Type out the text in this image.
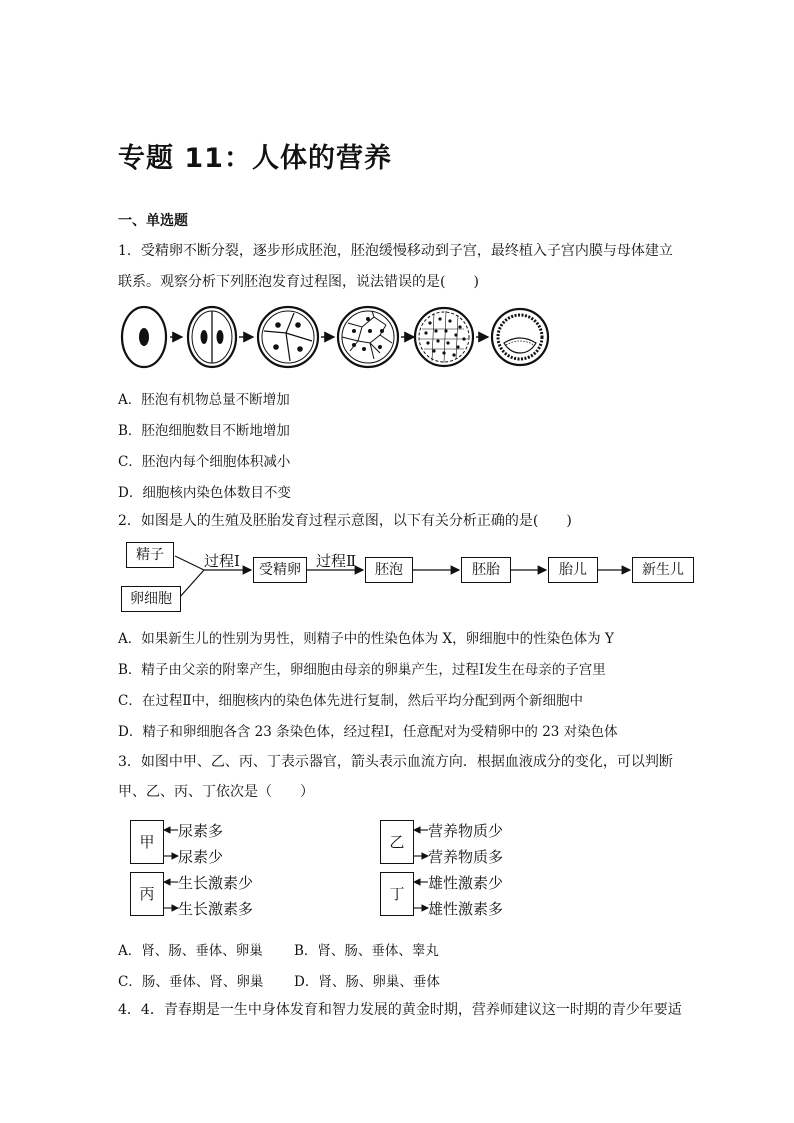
专题 11：人体的营养
一、单选题
1．受精卵不断分裂，逐步形成胚泡，胚泡缓慢移动到子宫，最终植入子宫内膜与母体建立
联系。观察分析下列胚泡发育过程图，说法错误的是(　　)
A．胚泡有机物总量不断增加
B．胚泡细胞数目不断地增加
C．胚泡内每个细胞体积减小
D．细胞核内染色体数目不变
2．如图是人的生殖及胚胎发育过程示意图，以下有关分析正确的是(　　)
精子
卵细胞
过程Ⅰ	受精卵	过程Ⅱ	胚泡	胚胎	胎儿	新生儿
A．如果新生儿的性别为男性，则精子中的性染色体为 X，卵细胞中的性染色体为 Y
B．精子由父亲的附睾产生，卵细胞由母亲的卵巢产生，过程Ⅰ发生在母亲的子宫里
C．在过程Ⅱ中，细胞核内的染色体先进行复制，然后平均分配到两个新细胞中
D．精子和卵细胞各含 23 条染色体，经过程Ⅰ，任意配对为受精卵中的 23 对染色体
3．如图中甲、乙、丙、丁表示器官，箭头表示血流方向．根据血液成分的变化，可以判断
甲、乙、丙、丁依次是（　　）
甲
尿素多
尿素少
乙
营养物质少
营养物质多
丙
生长激素少
生长激素多
丁
雄性激素少
雄性激素多
A．肾、肠、垂体、卵巢 B．肾、肠、垂体、睾丸
C．肠、垂体、肾、卵巢 D．肾、肠、卵巢、垂体
4．4．青春期是一生中身体发育和智力发展的黄金时期，营养师建议这一时期的青少年要适
